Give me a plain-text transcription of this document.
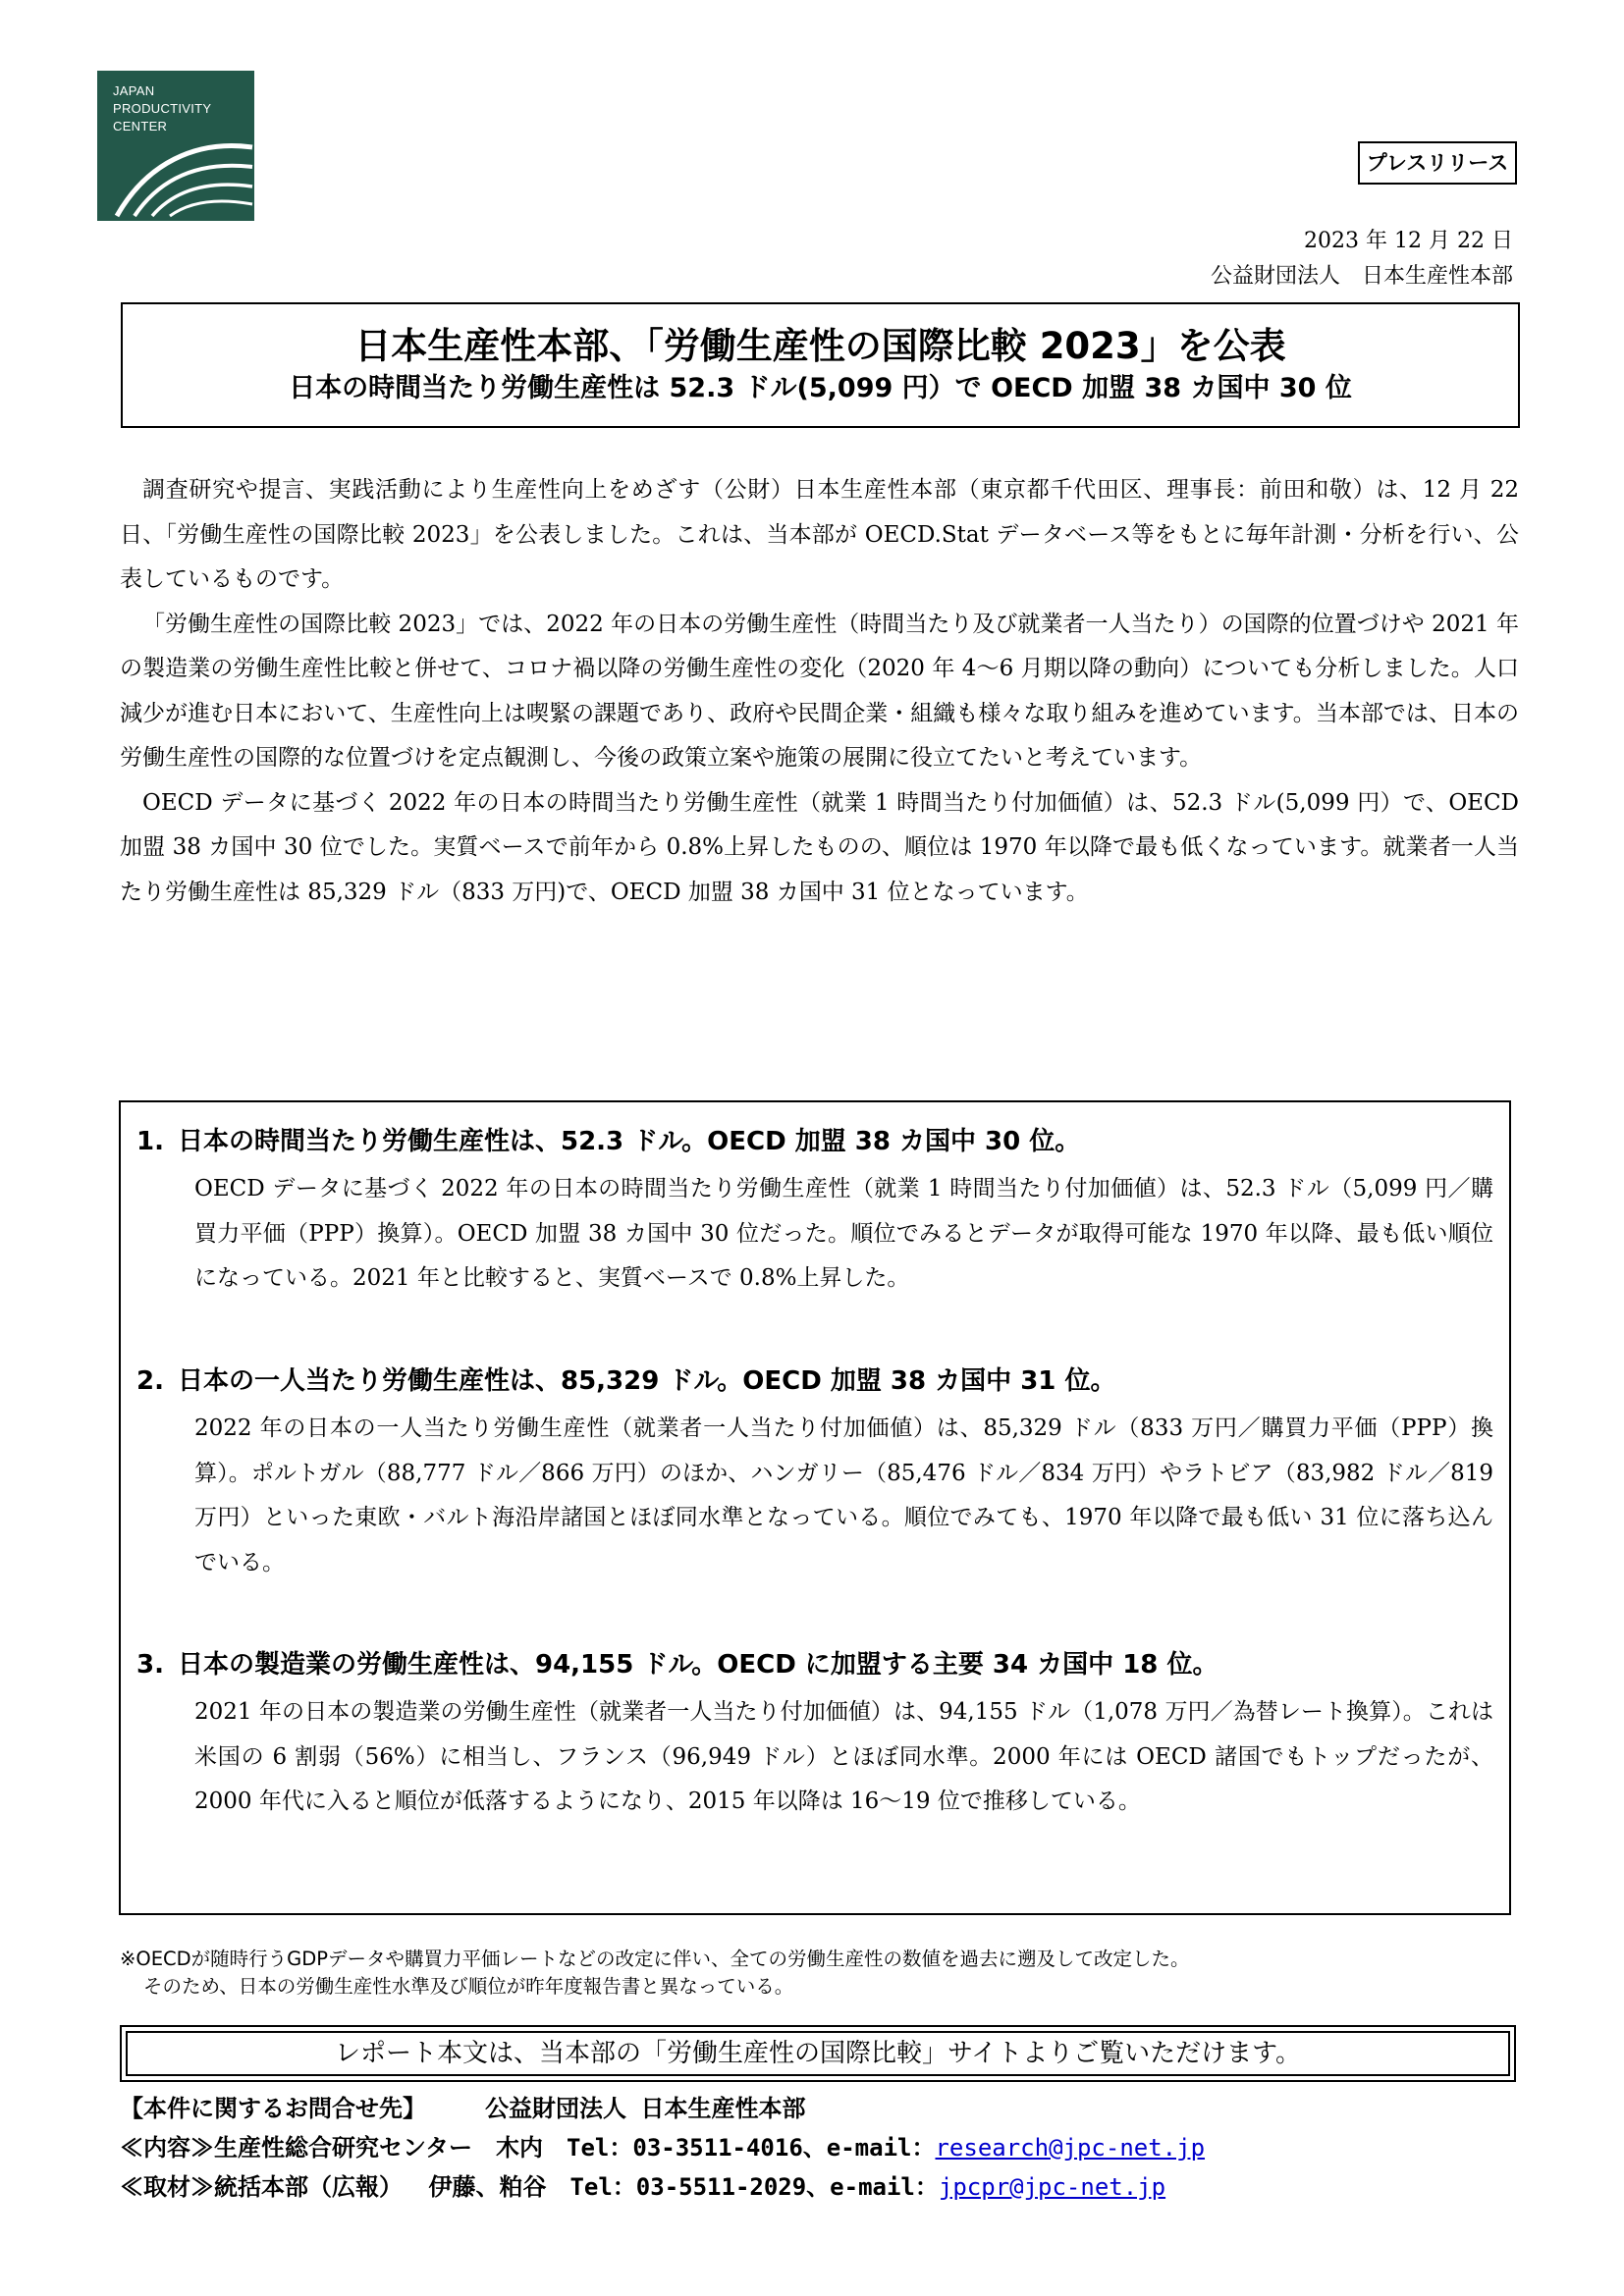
JAPAN
PRODUCTIVITY
CENTER
プレスリリース
2023 年 12 月 22 日
公益財団法人　日本生産性本部
日本生産性本部、「労働生産性の国際比較 2023」を公表
日本の時間当たり労働生産性は 52.3 ドル(5,099 円）で OECD 加盟 38 カ国中 30 位

調査研究や提言、実践活動により生産性向上をめざす（公財）日本生産性本部（東京都千代田区、理事長：前田和敬）は、12 月 22 日、「労働生産性の国際比較 2023」を公表しました。これは、当本部が OECD.Stat データベース等をもとに毎年計測・分析を行い、公表しているものです。

「労働生産性の国際比較 2023」では、2022 年の日本の労働生産性（時間当たり及び就業者一人当たり）の国際的位置づけや 2021 年の製造業の労働生産性比較と併せて、コロナ禍以降の労働生産性の変化（2020 年 4～6 月期以降の動向）についても分析しました。人口減少が進む日本において、生産性向上は喫緊の課題であり、政府や民間企業・組織も様々な取り組みを進めています。当本部では、日本の労働生産性の国際的な位置づけを定点観測し、今後の政策立案や施策の展開に役立てたいと考えています。

OECD データに基づく 2022 年の日本の時間当たり労働生産性（就業 1 時間当たり付加価値）は、52.3 ドル(5,099 円）で、OECD 加盟 38 カ国中 30 位でした。実質ベースで前年から 0.8%上昇したものの、順位は 1970 年以降で最も低くなっています。就業者一人当たり労働生産性は 85,329 ドル（833 万円)で、OECD 加盟 38 カ国中 31 位となっています。

1. 日本の時間当たり労働生産性は、52.3 ドル。OECD 加盟 38 カ国中 30 位。
OECD データに基づく 2022 年の日本の時間当たり労働生産性（就業 1 時間当たり付加価値）は、52.3 ドル（5,099 円／購買力平価（PPP）換算）。OECD 加盟 38 カ国中 30 位だった。順位でみるとデータが取得可能な 1970 年以降、最も低い順位になっている。2021 年と比較すると、実質ベースで 0.8%上昇した。
2. 日本の一人当たり労働生産性は、85,329 ドル。OECD 加盟 38 カ国中 31 位。
2022 年の日本の一人当たり労働生産性（就業者一人当たり付加価値）は、85,329 ドル（833 万円／購買力平価（PPP）換算）。ポルトガル（88,777 ドル／866 万円）のほか、ハンガリー（85,476 ドル／834 万円）やラトビア（83,982 ドル／819 万円）といった東欧・バルト海沿岸諸国とほぼ同水準となっている。順位でみても、1970 年以降で最も低い 31 位に落ち込んでいる。
3. 日本の製造業の労働生産性は、94,155 ドル。OECD に加盟する主要 34 カ国中 18 位。
2021 年の日本の製造業の労働生産性（就業者一人当たり付加価値）は、94,155 ドル（1,078 万円／為替レート換算）。これは米国の 6 割弱（56%）に相当し、フランス（96,949 ドル）とほぼ同水準。2000 年には OECD 諸国でもトップだったが、2000 年代に入ると順位が低落するようになり、2015 年以降は 16～19 位で推移している。
※OECDが随時行うGDPデータや購買力平価レートなどの改定に伴い、全ての労働生産性の数値を過去に遡及して改定した。
そのため、日本の労働生産性水準及び順位が昨年度報告書と異なっている。
レポート本文は、当本部の「労働生産性の国際比較」サイトよりご覧いただけます。
【本件に関するお問合せ先】	公益財団法人 日本生産性本部
≪内容≫生産性総合研究センター　木内　Tel：03-3511-4016、e-mail：research@jpc-net.jp
≪取材≫統括本部（広報）　 伊藤、粕谷　Tel：03-5511-2029、e-mail：jpcpr@jpc-net.jp
